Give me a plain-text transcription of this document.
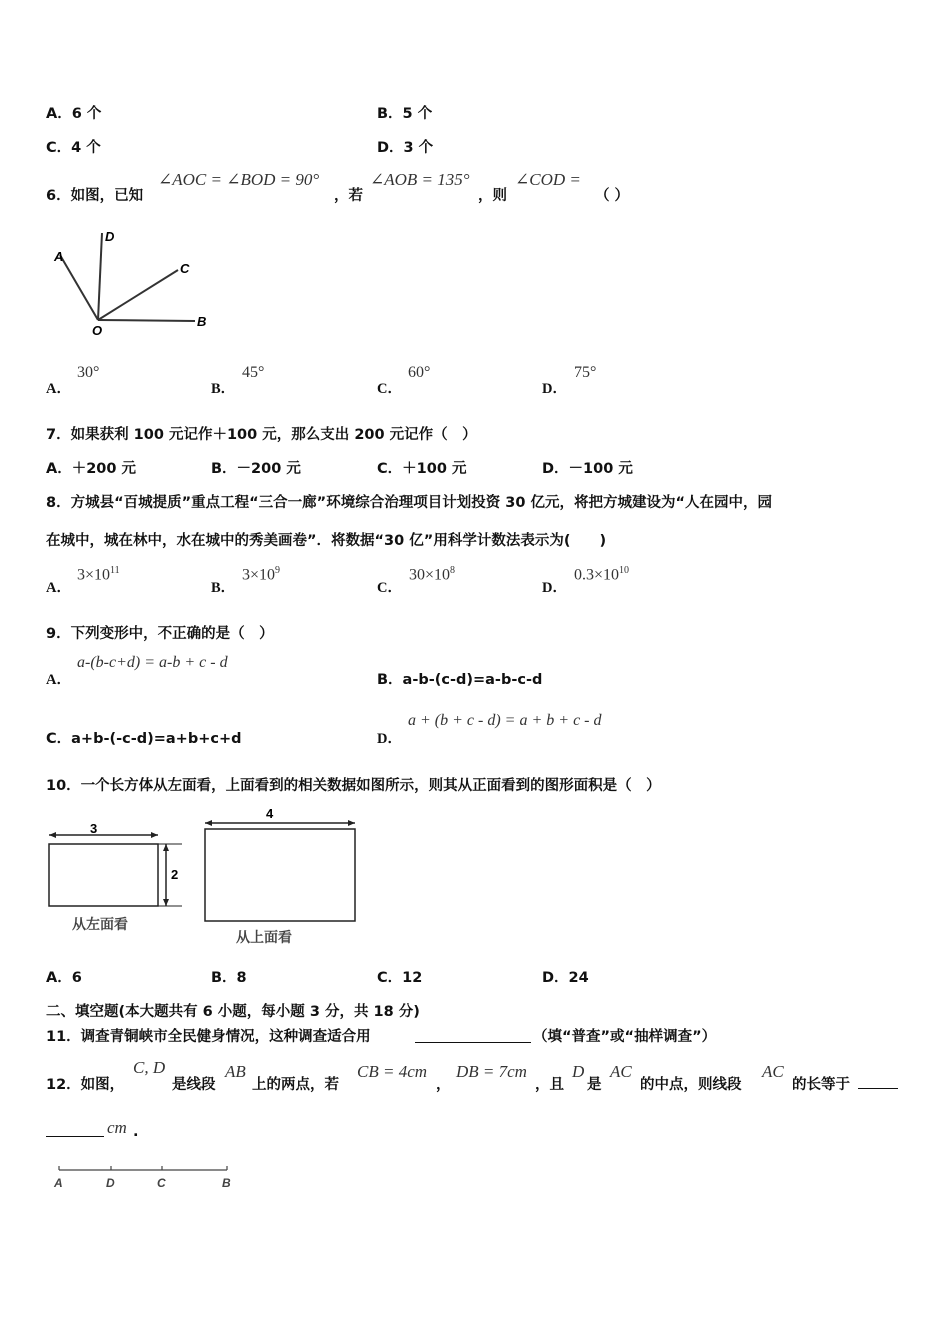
A．6 个	B．5 个
C．4 个	D．3 个
6．如图，已知
∠AOC = ∠BOD = 90°
，若
∠AOB = 135°
，则
∠COD =
（ ）
A
D
C
O
B
A．
30°
B．
45°
C．
60°
D．
75°
7．如果获利 100 元记作＋100 元，那么支出 200 元记作（　）
A．＋200 元	B．－200 元	C．＋100 元	D．－100 元
8．方城县“百城提质”重点工程“三合一廊”环境综合治理项目计划投资 30 亿元，将把方城建设为“人在园中，园
在城中，城在林中，水在城中的秀美画卷”．将数据“30 亿”用科学计数法表示为(　　)
A．
$3\times 10^{11}$
B．
$3\times 10^9$
C．
$30\times 10^8$
D．
$0.3\times 10^{10}$
9．下列变形中，不正确的是（　）
A．
a-(b-c+d) = a-b + c - d
B．a-b-(c-d)=a-b-c-d
C．a+b-(-c-d)=a+b+c+d	D．
a + (b + c - d) = a + b + c - d
10．一个长方体从左面看，上面看到的相关数据如图所示，则其从正面看到的图形面积是（　）
3
2
从左面看
4
从上面看
A．6	B．8	C．12	D．24
二、填空题(本大题共有 6 小题，每小题 3 分，共 18 分)
11．调查青铜峡市全民健身情况，这种调查适合用	（填“普查”或“抽样调查”）
12．如图，
C, D
是线段
AB
上的两点，若
CB = 4cm
，
DB = 7cm
，且
D
是
AC
的中点，则线段
AC
的长等于
cm .
A	D	C	B
